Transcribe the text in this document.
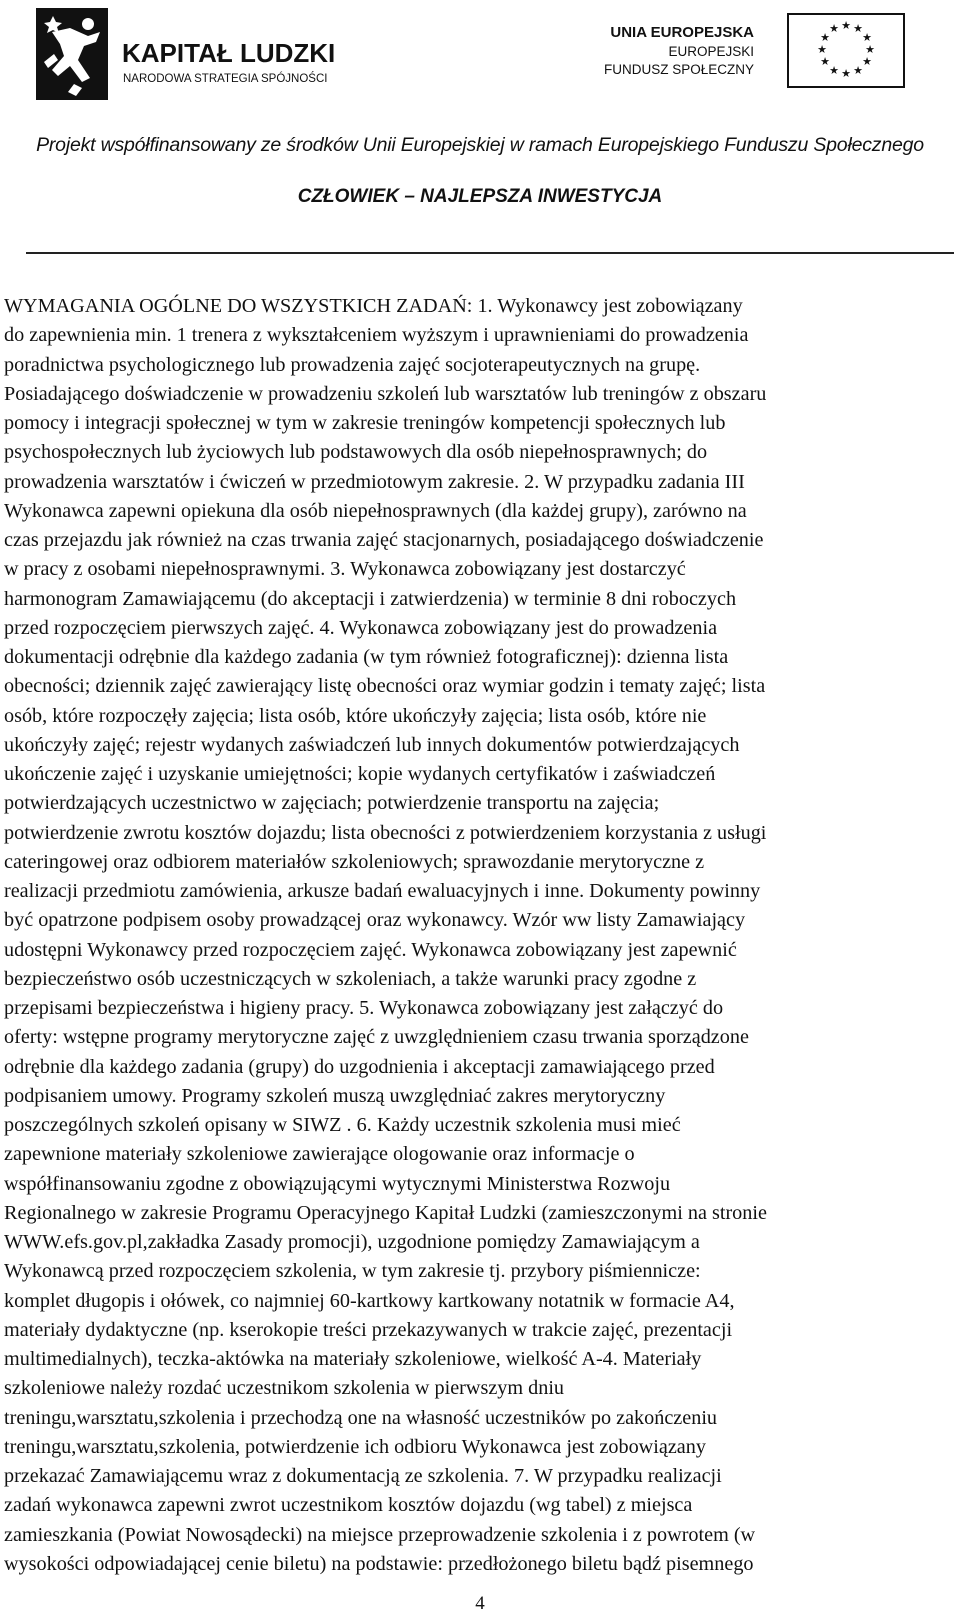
KAPITAŁ LUDZKI
NARODOWA STRATEGIA SPÓJNOŚCI
UNIA EUROPEJSKA
EUROPEJSKI
FUNDUSZ SPOŁECZNY
★ ★
★
★
★
★
★
★
★
★
★
★
Projekt współfinansowany ze środków Unii Europejskiej w ramach Europejskiego Funduszu Społecznego
CZŁOWIEK – NAJLEPSZA INWESTYCJA
WYMAGANIA OGÓLNE DO WSZYSTKICH ZADAŃ: 1. Wykonawcy jest zobowiązany
do zapewnienia min. 1 trenera z wykształceniem wyższym i uprawnieniami do prowadzenia
poradnictwa psychologicznego lub prowadzenia zajęć socjoterapeutycznych na grupę.
Posiadającego doświadczenie w prowadzeniu szkoleń lub warsztatów lub treningów z obszaru
pomocy i integracji społecznej w tym w zakresie treningów kompetencji społecznych lub
psychospołecznych lub życiowych lub podstawowych dla osób niepełnosprawnych; do
prowadzenia warsztatów i ćwiczeń w przedmiotowym zakresie. 2. W przypadku zadania III
Wykonawca zapewni opiekuna dla osób niepełnosprawnych (dla każdej grupy), zarówno na
czas przejazdu jak również na czas trwania zajęć stacjonarnych, posiadającego doświadczenie
w pracy z osobami niepełnosprawnymi. 3. Wykonawca zobowiązany jest dostarczyć
harmonogram Zamawiającemu (do akceptacji i zatwierdzenia) w terminie 8 dni roboczych
przed rozpoczęciem pierwszych zajęć. 4. Wykonawca zobowiązany jest do prowadzenia
dokumentacji odrębnie dla każdego zadania (w tym również fotograficznej): dzienna lista
obecności; dziennik zajęć zawierający listę obecności oraz wymiar godzin i tematy zajęć; lista
osób, które rozpoczęły zajęcia; lista osób, które ukończyły zajęcia; lista osób, które nie
ukończyły zajęć; rejestr wydanych zaświadczeń lub innych dokumentów potwierdzających
ukończenie zajęć i uzyskanie umiejętności; kopie wydanych certyfikatów i zaświadczeń
potwierdzających uczestnictwo w zajęciach; potwierdzenie transportu na zajęcia;
potwierdzenie zwrotu kosztów dojazdu; lista obecności z potwierdzeniem korzystania z usługi
cateringowej oraz odbiorem materiałów szkoleniowych; sprawozdanie merytoryczne z
realizacji przedmiotu zamówienia, arkusze badań ewaluacyjnych i inne. Dokumenty powinny
być opatrzone podpisem osoby prowadzącej oraz wykonawcy. Wzór ww listy Zamawiający
udostępni Wykonawcy przed rozpoczęciem zajęć. Wykonawca zobowiązany jest zapewnić
bezpieczeństwo osób uczestniczących w szkoleniach, a także warunki pracy zgodne z
przepisami bezpieczeństwa i higieny pracy. 5. Wykonawca zobowiązany jest załączyć do
oferty: wstępne programy merytoryczne zajęć z uwzględnieniem czasu trwania sporządzone
odrębnie dla każdego zadania (grupy) do uzgodnienia i akceptacji zamawiającego przed
podpisaniem umowy. Programy szkoleń muszą uwzględniać zakres merytoryczny
poszczególnych szkoleń opisany w SIWZ . 6. Każdy uczestnik szkolenia musi mieć
zapewnione materiały szkoleniowe zawierające ologowanie oraz informacje o
współfinansowaniu zgodne z obowiązującymi wytycznymi Ministerstwa Rozwoju
Regionalnego w zakresie Programu Operacyjnego Kapitał Ludzki (zamieszczonymi na stronie
WWW.efs.gov.pl,zakładka Zasady promocji), uzgodnione pomiędzy Zamawiającym a
Wykonawcą przed rozpoczęciem szkolenia, w tym zakresie tj. przybory piśmiennicze:
komplet długopis i ołówek, co najmniej 60-kartkowy kartkowany notatnik w formacie A4,
materiały dydaktyczne (np. kserokopie treści przekazywanych w trakcie zajęć, prezentacji
multimedialnych), teczka-aktówka na materiały szkoleniowe, wielkość A-4. Materiały
szkoleniowe należy rozdać uczestnikom szkolenia w pierwszym dniu
treningu,warsztatu,szkolenia i przechodzą one na własność uczestników po zakończeniu
treningu,warsztatu,szkolenia, potwierdzenie ich odbioru Wykonawca jest zobowiązany
przekazać Zamawiającemu wraz z dokumentacją ze szkolenia. 7. W przypadku realizacji
zadań wykonawca zapewni zwrot uczestnikom kosztów dojazdu (wg tabel) z miejsca
zamieszkania (Powiat Nowosądecki) na miejsce przeprowadzenie szkolenia i z powrotem (w
wysokości odpowiadającej cenie biletu) na podstawie: przedłożonego biletu bądź pisemnego
4
